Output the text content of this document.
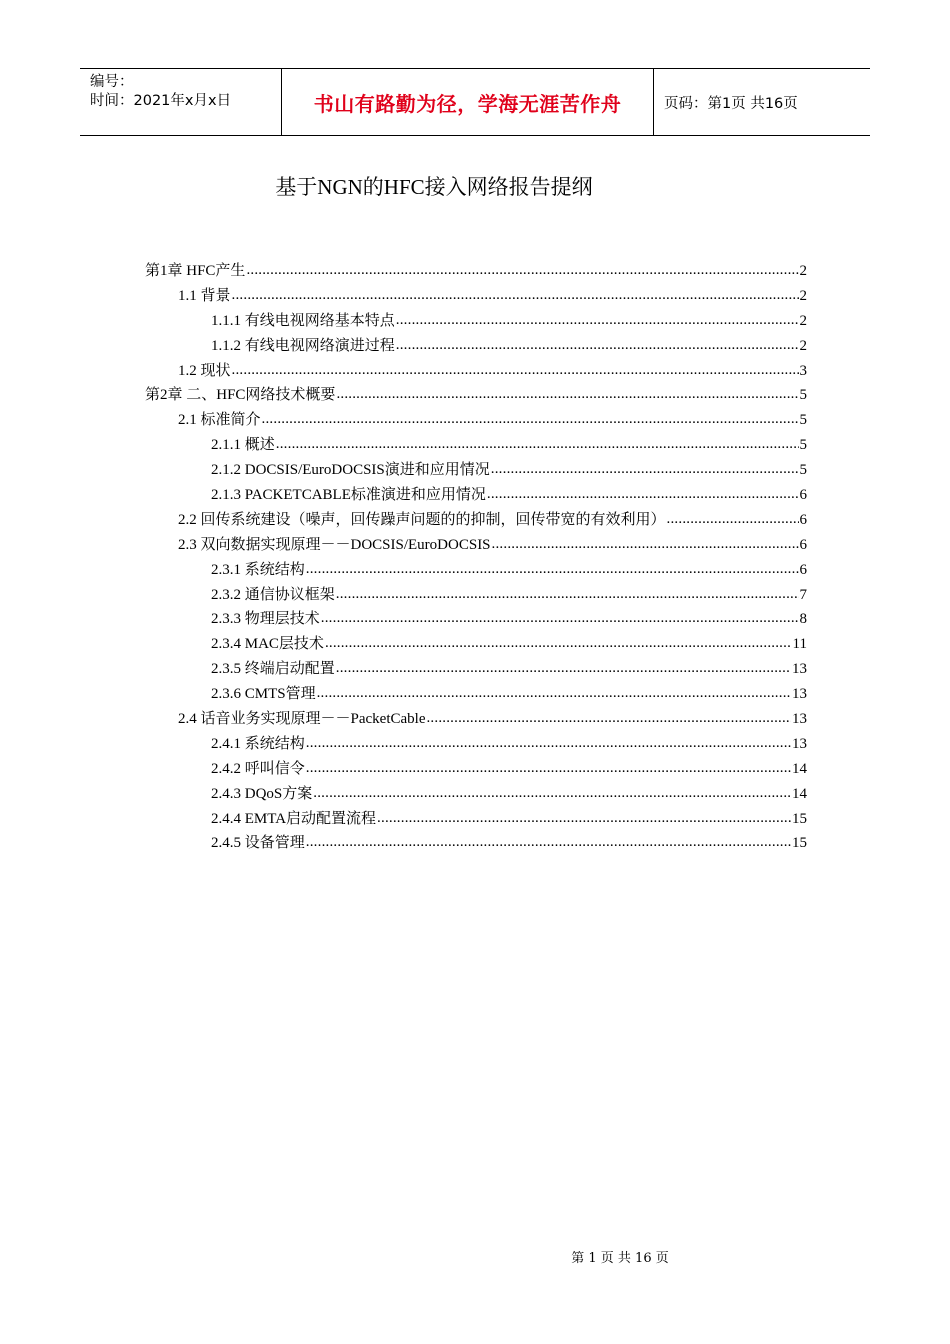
编号：
时间：2021年x月x日	书山有路勤为径，学海无涯苦作舟	页码：第1页 共16页
基于NGN的HFC接入网络报告提纲
第1章 HFC产生 .....	2
1.1 背景 .....	2
1.1.1 有线电视网络基本特点 .....	2
1.1.2 有线电视网络演进过程 .....	2
1.2 现状 .....	3
第2章 二、HFC网络技术概要 .....	5
2.1 标准简介 .....	5
2.1.1 概述 .....	5
2.1.2 DOCSIS/EuroDOCSIS演进和应用情况 .....	5
2.1.3 PACKETCABLE标准演进和应用情况 .....	6
2.2 回传系统建设（噪声，回传躁声问题的的抑制，回传带宽的有效利用） .....	6
2.3 双向数据实现原理－－DOCSIS/EuroDOCSIS .....	6
2.3.1 系统结构 .....	6
2.3.2 通信协议框架 .....	7
2.3.3 物理层技术 .....	8
2.3.4 MAC层技术 .....	11
2.3.5 终端启动配置 .....	13
2.3.6 CMTS管理 .....	13
2.4 话音业务实现原理－－PacketCable .....	13
2.4.1 系统结构 .....	13
2.4.2 呼叫信令 .....	14
2.4.3 DQoS方案 .....	14
2.4.4 EMTA启动配置流程 .....	15
2.4.5 设备管理 .....	15
第 1 页 共 16 页
